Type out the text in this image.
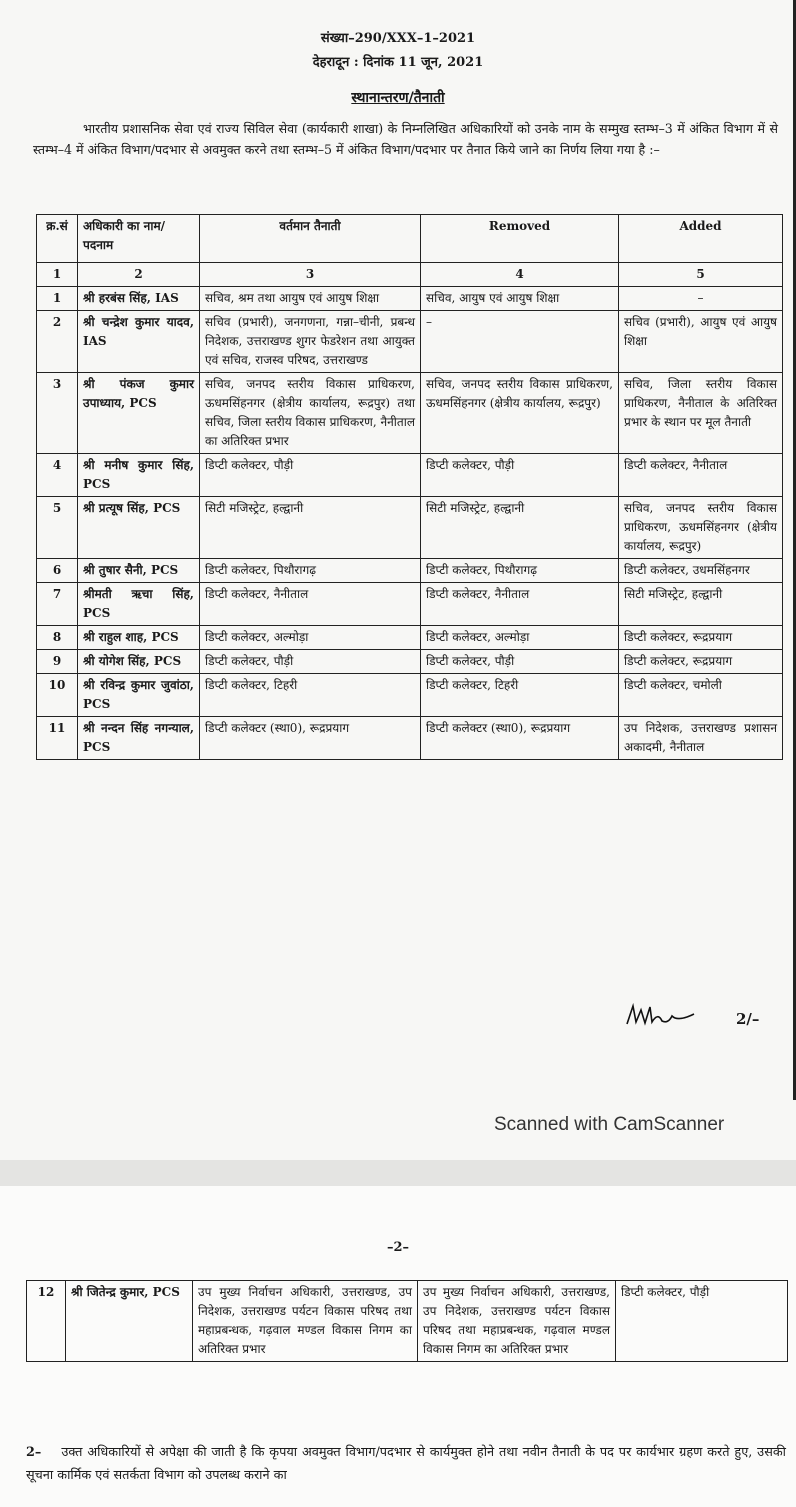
संख्या–290/XXX–1–2021
देहरादून : दिनांक 11 जून, 2021
स्थानान्तरण/तैनाती
भारतीय प्रशासनिक सेवा एवं राज्य सिविल सेवा (कार्यकारी शाखा) के निम्नलिखित अधिकारियों को उनके नाम के सम्मुख स्तम्भ–3 में अंकित विभाग में से स्तम्भ–4 में अंकित विभाग/पदभार से अवमुक्त करने तथा स्तम्भ–5 में अंकित विभाग/पदभार पर तैनात किये जाने का निर्णय लिया गया है :–
क्र.सं	अधिकारी का नाम/पदनाम	वर्तमान तैनाती	Removed	Added
1	2	3	4	5
1	श्री हरबंस सिंह, IAS	सचिव, श्रम तथा आयुष एवं आयुष शिक्षा	सचिव, आयुष एवं आयुष शिक्षा	–
2	श्री चन्द्रेश कुमार यादव, IAS	सचिव (प्रभारी), जनगणना, गन्ना–चीनी, प्रबन्ध निदेशक, उत्तराखण्ड शुगर फेडरेशन तथा आयुक्त एवं सचिव, राजस्व परिषद, उत्तराखण्ड	–	सचिव (प्रभारी), आयुष एवं आयुष शिक्षा
3	श्री पंकज कुमार उपाध्याय, PCS	सचिव, जनपद स्तरीय विकास प्राधिकरण, ऊधमसिंहनगर (क्षेत्रीय कार्यालय, रूद्रपुर) तथा सचिव, जिला स्तरीय विकास प्राधिकरण, नैनीताल का अतिरिक्त प्रभार	सचिव, जनपद स्तरीय विकास प्राधिकरण, ऊधमसिंहनगर (क्षेत्रीय कार्यालय, रूद्रपुर)	सचिव, जिला स्तरीय विकास प्राधिकरण, नैनीताल के अतिरिक्त प्रभार के स्थान पर मूल तैनाती
4	श्री मनीष कुमार सिंह, PCS	डिप्टी कलेक्टर, पौड़ी	डिप्टी कलेक्टर, पौड़ी	डिप्टी कलेक्टर, नैनीताल
5	श्री प्रत्यूष सिंह, PCS	सिटी मजिस्ट्रेट, हल्द्वानी	सिटी मजिस्ट्रेट, हल्द्वानी	सचिव, जनपद स्तरीय विकास प्राधिकरण, ऊधमसिंहनगर (क्षेत्रीय कार्यालय, रूद्रपुर)
6	श्री तुषार सैनी, PCS	डिप्टी कलेक्टर, पिथौरागढ़	डिप्टी कलेक्टर, पिथौरागढ़	डिप्टी कलेक्टर, उधमसिंहनगर
7	श्रीमती ऋचा सिंह, PCS	डिप्टी कलेक्टर, नैनीताल	डिप्टी कलेक्टर, नैनीताल	सिटी मजिस्ट्रेट, हल्द्वानी
8	श्री राहुल शाह, PCS	डिप्टी कलेक्टर, अल्मोड़ा	डिप्टी कलेक्टर, अल्मोड़ा	डिप्टी कलेक्टर, रूद्रप्रयाग
9	श्री योगेश सिंह, PCS	डिप्टी कलेक्टर, पौड़ी	डिप्टी कलेक्टर, पौड़ी	डिप्टी कलेक्टर, रूद्रप्रयाग
10	श्री रविन्द्र कुमार जुवांठा, PCS	डिप्टी कलेक्टर, टिहरी	डिप्टी कलेक्टर, टिहरी	डिप्टी कलेक्टर, चमोली
11	श्री नन्दन सिंह नगन्याल, PCS	डिप्टी कलेक्टर (स्था0), रूद्रप्रयाग	डिप्टी कलेक्टर (स्था0), रूद्रप्रयाग	उप निदेशक, उत्तराखण्ड प्रशासन अकादमी, नैनीताल
2/–
Scanned with CamScanner
–2–
12	श्री जितेन्द्र कुमार, PCS	उप मुख्य निर्वाचन अधिकारी, उत्तराखण्ड, उप निदेशक, उत्तराखण्ड पर्यटन विकास परिषद तथा महाप्रबन्धक, गढ़वाल मण्डल विकास निगम का अतिरिक्त प्रभार	उप मुख्य निर्वाचन अधिकारी, उत्तराखण्ड, उप निदेशक, उत्तराखण्ड पर्यटन विकास परिषद तथा महाप्रबन्धक, गढ़वाल मण्डल विकास निगम का अतिरिक्त प्रभार	डिप्टी कलेक्टर, पौड़ी
2– उक्त अधिकारियों से अपेक्षा की जाती है कि कृपया अवमुक्त विभाग/पदभार से कार्यमुक्त होने तथा नवीन तैनाती के पद पर कार्यभार ग्रहण करते हुए, उसकी सूचना कार्मिक एवं सतर्कता विभाग को उपलब्ध कराने का
